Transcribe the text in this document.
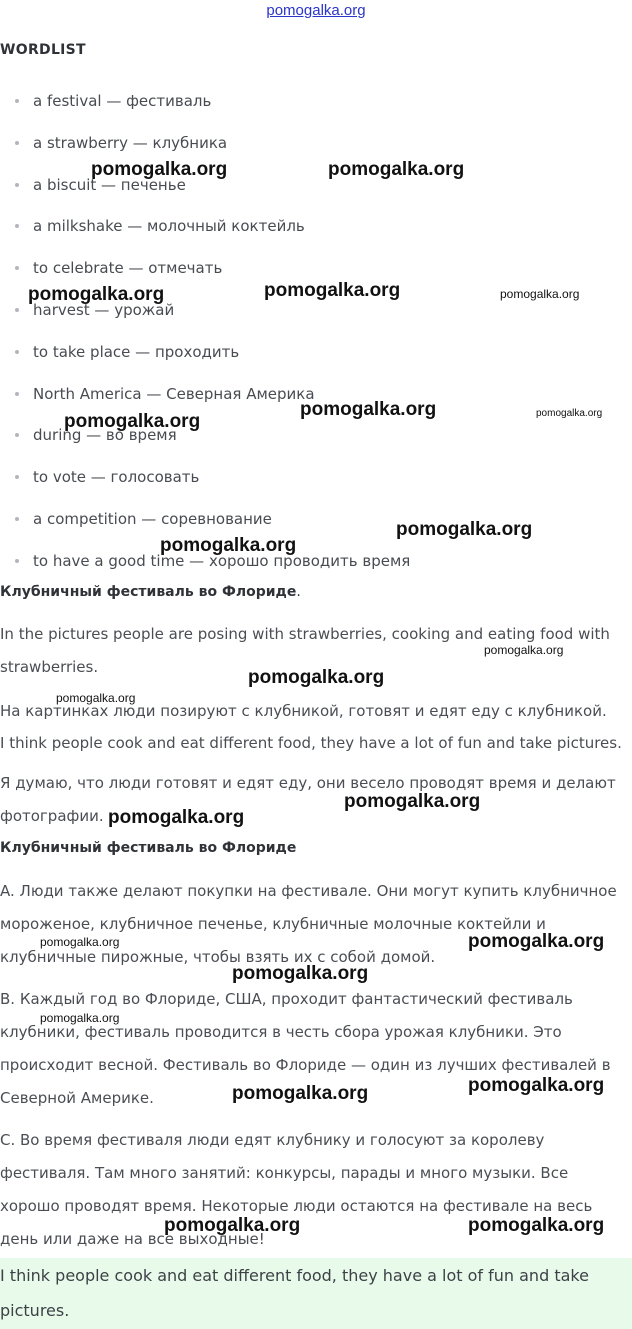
pomogalka.org
WORDLIST
a festival — фестиваль
a strawberry — клубника
a biscuit — печенье
a milkshake — молочный коктейль
to celebrate — отмечать
harvest — урожай
to take place — проходить
North America — Северная Америка
during — во время
to vote — голосовать
a competition — соревнование
to have a good time — хорошо проводить время
Клубничный фестиваль во Флориде.

In the pictures people are posing with strawberries, cooking and eating food with strawberries.

На картинках люди позируют с клубникой, готовят и едят еду с клубникой.

I think people cook and eat different food, they have a lot of fun and take pictures.

Я думаю, что люди готовят и едят еду, они весело проводят время и делают фотографии.

Клубничный фестиваль во Флориде

A. Люди также делают покупки на фестивале. Они могут купить клубничное мороженое, клубничное печенье, клубничные молочные коктейли и клубничные пирожные, чтобы взять их с собой домой.

B. Каждый год во Флориде, США, проходит фантастический фестиваль клубники, фестиваль проводится в честь сбора урожая клубники. Это происходит весной. Фестиваль во Флориде — один из лучших фестивалей в Северной Америке.

C. Во время фестиваля люди едят клубнику и голосуют за королеву фестиваля. Там много занятий: конкурсы, парады и много музыки. Все хорошо проводят время. Некоторые люди остаются на фестивале на весь день или даже на все выходные!

I think people cook and eat different food, they have a lot of fun and take pictures.

pomogalka.org	pomogalka.org
pomogalka.org	pomogalka.org	pomogalka.org
pomogalka.org
pomogalka.org	pomogalka.org
pomogalka.org
pomogalka.org
pomogalka.org
pomogalka.org
pomogalka.org
pomogalka.org
pomogalka.org
pomogalka.org	pomogalka.org
pomogalka.org
pomogalka.org
pomogalka.org
pomogalka.org
pomogalka.org	pomogalka.org
